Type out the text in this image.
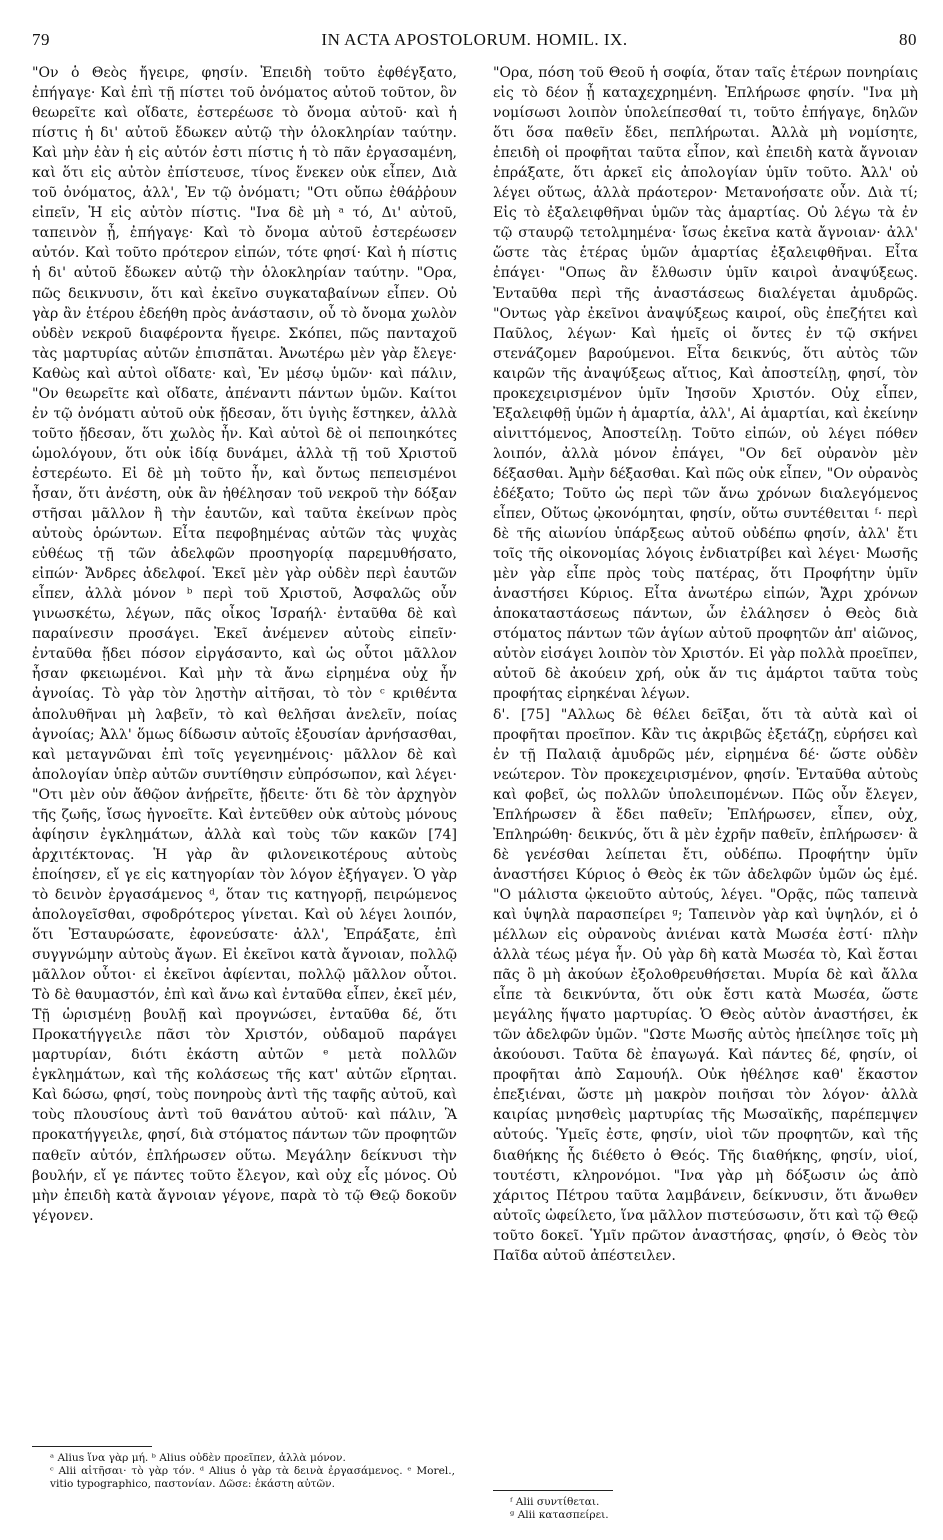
79	IN ACTA APOSTOLORUM. HOMIL. IX.	80

"Ον ὁ Θεὸς ἤγειρε, φησίν. Ἐπειδὴ τοῦτο ἐφθέγξατο, ἐπήγαγε· Καὶ ἐπὶ τῇ πίστει τοῦ ὀνόματος αὐτοῦ τοῦτον, ὃν θεωρεῖτε καὶ οἴδατε, ἐστερέωσε τὸ ὄνομα αὐτοῦ· καὶ ἡ πίστις ἡ δι' αὐτοῦ ἔδωκεν αὐτῷ τὴν ὁλοκληρίαν ταύτην. Καὶ μὴν ἐὰν ἡ εἰς αὐτόν ἐστι πίστις ἡ τὸ πᾶν ἐργασαμένη, καὶ ὅτι εἰς αὐτὸν ἐπίστευσε, τίνος ἕνεκεν οὐκ εἶπεν, Διὰ τοῦ ὀνόματος, ἀλλ', Ἐν τῷ ὀνόματι; "Οτι οὔπω ἐθάῤῥουν εἰπεῖν, Ἡ εἰς αὐτὸν πίστις. "Ινα δὲ μὴ ᵃ τό, Δι' αὐτοῦ, ταπεινὸν ᾖ, ἐπήγαγε· Καὶ τὸ ὄνομα αὐτοῦ ἐστερέωσεν αὐτόν. Καὶ τοῦτο πρότερον εἰπών, τότε φησί· Καὶ ἡ πίστις ἡ δι' αὐτοῦ ἔδωκεν αὐτῷ τὴν ὁλοκληρίαν ταύτην. "Ορα, πῶς δεικνυσιν, ὅτι καὶ ἐκεῖνο συγκαταβαίνων εἶπεν. Οὐ γὰρ ἂν ἑτέρου ἐδεήθη πρὸς ἀνάστασιν, οὗ τὸ ὄνομα χωλὸν οὐδὲν νεκροῦ διαφέροντα ἤγειρε. Σκόπει, πῶς πανταχοῦ τὰς μαρτυρίας αὐτῶν ἐπισπᾶται. Ἀνωτέρω μὲν γὰρ ἔλεγε· Καθὼς καὶ αὐτοὶ οἴδατε· καὶ, Ἐν μέσῳ ὑμῶν· καὶ πάλιν, "Ον θεωρεῖτε καὶ οἴδατε, ἀπέναντι πάντων ὑμῶν. Καίτοι ἐν τῷ ὀνόματι αὐτοῦ οὐκ ᾔδεσαν, ὅτι ὑγιὴς ἕστηκεν, ἀλλὰ τοῦτο ᾔδεσαν, ὅτι χωλὸς ἦν. Καὶ αὐτοὶ δὲ οἱ πεποιηκότες ὡμολόγουν, ὅτι οὐκ ἰδίᾳ δυνάμει, ἀλλὰ τῇ τοῦ Χριστοῦ ἐστερέωτο. Εἰ δὲ μὴ τοῦτο ἦν, καὶ ὄντως πεπεισμένοι ἦσαν, ὅτι ἀνέστη, οὐκ ἂν ἠθέλησαν τοῦ νεκροῦ τὴν δόξαν στῆσαι μᾶλλον ἢ τὴν ἑαυτῶν, καὶ ταῦτα ἐκείνων πρὸς αὐτοὺς ὁρώντων. Εἶτα πεφοβημένας αὐτῶν τὰς ψυχὰς εὐθέως τῇ τῶν ἀδελφῶν προσηγορίᾳ παρεμυθήσατο, εἰπών· Ἄνδρες ἀδελφοί. Ἐκεῖ μὲν γὰρ οὐδὲν περὶ ἑαυτῶν εἶπεν, ἀλλὰ μόνον ᵇ περὶ τοῦ Χριστοῦ, Ἀσφαλῶς οὖν γινωσκέτω, λέγων, πᾶς οἶκος Ἰσραήλ· ἐνταῦθα δὲ καὶ παραίνεσιν προσάγει. Ἐκεῖ ἀνέμενεν αὐτοὺς εἰπεῖν· ἐνταῦθα ᾔδει πόσον εἰργάσαντο, καὶ ὡς οὗτοι μᾶλλον ἦσαν φκειωμένοι. Καὶ μὴν τὰ ἄνω εἰρημένα οὐχ ἦν ἀγνοίας. Τὸ γὰρ τὸν λῃστὴν αἰτῆσαι, τὸ τὸν ᶜ κριθέντα ἀπολυθῆναι μὴ λαβεῖν, τὸ καὶ θελῆσαι ἀνελεῖν, ποίας ἀγνοίας; Ἀλλ' ὅμως δίδωσιν αὐτοῖς ἐξουσίαν ἀρνήσασθαι, καὶ μεταγνῶναι ἐπὶ τοῖς γεγενημένοις· μᾶλλον δὲ καὶ ἀπολογίαν ὑπὲρ αὐτῶν συντίθησιν εὐπρόσωπον, καὶ λέγει· "Οτι μὲν οὐν ἄθῷον ἀνῄρεῖτε, ᾔδειτε· ὅτι δὲ τὸν ἀρχηγὸν τῆς ζωῆς, ἴσως ἠγνοεῖτε. Καὶ ἐντεῦθεν οὐκ αὐτοὺς μόνους ἀφίησιν ἐγκλημάτων, ἀλλὰ καὶ τοὺς τῶν κακῶν [74] ἀρχιτέκτονας. Ἡ γὰρ ἂν φιλονεικοτέρους αὐτοὺς ἐποίησεν, εἴ γε εἰς κατηγορίαν τὸν λόγον ἐξήγαγεν. Ὁ γὰρ τὸ δεινὸν ἐργασάμενος ᵈ, ὅταν τις κατηγορῇ, πειρώμενος ἀπολογεῖσθαι, σφοδρότερος γίνεται. Καὶ οὐ λέγει λοιπόν, ὅτι Ἐσταυρώσατε, ἐφονεύσατε· ἀλλ', Ἐπράξατε, ἐπὶ συγγνώμην αὐτοὺς ἄγων. Εἰ ἐκεῖνοι κατὰ ἄγνοιαν, πολλῷ μᾶλλον οὗτοι· εἰ ἐκεῖνοι ἀφίενται, πολλῷ μᾶλλον οὗτοι. Τὸ δὲ θαυμαστόν, ἐπὶ καὶ ἄνω καὶ ἐνταῦθα εἶπεν, ἐκεῖ μέν, Τῇ ὡρισμένῃ βουλῇ καὶ προγνώσει, ἐνταῦθα δέ, ὅτι Προκατήγγειλε πᾶσι τὸν Χριστόν, οὐδαμοῦ παράγει μαρτυρίαν, διότι ἑκάστη αὐτῶν ᵉ μετὰ πολλῶν ἐγκλημάτων, καὶ τῆς κολάσεως τῆς κατ' αὐτῶν εἴρηται. Καὶ δώσω, φησί, τοὺς πονηροὺς ἀντὶ τῆς ταφῆς αὐτοῦ, καὶ τοὺς πλουσίους ἀντὶ τοῦ θανάτου αὐτοῦ· καὶ πάλιν, Ἃ προκατήγγειλε, φησί, διὰ στόματος πάντων τῶν προφητῶν παθεῖν αὐτόν, ἐπλήρωσεν οὕτω. Μεγάλην δείκνυσι τὴν βουλήν, εἴ γε πάντες τοῦτο ἔλεγον, καὶ οὐχ εἷς μόνος. Οὐ μὴν ἐπειδὴ κατὰ ἄγνοιαν γέγονε, παρὰ τὸ τῷ Θεῷ δοκοῦν γέγονεν.

"Ορα, πόση τοῦ Θεοῦ ἡ σοφία, ὅταν ταῖς ἑτέρων πονηρίαις εἰς τὸ δέον ᾖ καταχεχρημένη. Ἐπλήρωσε φησίν. "Ινα μὴ νομίσωσι λοιπὸν ὑπολείπεσθαί τι, τοῦτο ἐπήγαγε, δηλῶν ὅτι ὅσα παθεῖν ἔδει, πεπλήρωται. Ἀλλὰ μὴ νομίσητε, ἐπειδὴ οἱ προφῆται ταῦτα εἶπον, καὶ ἐπειδὴ κατὰ ἄγνοιαν ἐπράξατε, ὅτι ἀρκεῖ εἰς ἀπολογίαν ὑμῖν τοῦτο. Ἀλλ' οὐ λέγει οὕτως, ἀλλὰ πράοτερον· Μετανοήσατε οὖν. Διὰ τί; Εἰς τὸ ἐξαλειφθῆναι ὑμῶν τὰς ἁμαρτίας. Οὐ λέγω τὰ ἐν τῷ σταυρῷ τετολμημένα· ἴσως ἐκεῖνα κατὰ ἄγνοιαν· ἀλλ' ὥστε τὰς ἑτέρας ὑμῶν ἁμαρτίας ἐξαλειφθῆναι. Εἶτα ἐπάγει· "Οπως ἂν ἔλθωσιν ὑμῖν καιροὶ ἀναψύξεως. Ἐνταῦθα περὶ τῆς ἀναστάσεως διαλέγεται ἀμυδρῶς. "Οντως γὰρ ἐκεῖνοι ἀναψύξεως καιροί, οὓς ἐπεζήτει καὶ Παῦλος, λέγων· Καὶ ἡμεῖς οἱ ὄντες ἐν τῷ σκήνει στενάζομεν βαρούμενοι. Εἶτα δεικνύς, ὅτι αὐτὸς τῶν καιρῶν τῆς ἀναψύξεως αἴτιος, Καὶ ἀποστείλῃ, φησί, τὸν προκεχειρισμένον ὑμῖν Ἰησοῦν Χριστόν. Οὐχ εἶπεν, Ἐξαλειφθῇ ὑμῶν ἡ ἁμαρτία, ἀλλ', Αἱ ἁμαρτίαι, καὶ ἐκείνην αἰνιττόμενος, Ἀποστείλῃ. Τοῦτο εἰπών, οὐ λέγει πόθεν λοιπόν, ἀλλὰ μόνον ἐπάγει, "Ον δεῖ οὐρανὸν μὲν δέξασθαι. Ἀμὴν δέξασθαι. Καὶ πῶς οὐκ εἶπεν, "Ον οὐρανὸς ἐδέξατο; Τοῦτο ὡς περὶ τῶν ἄνω χρόνων διαλεγόμενος εἶπεν, Οὕτως ᾠκονόμηται, φησίν, οὕτω συντέθειται ᶠ· περὶ δὲ τῆς αἰωνίου ὑπάρξεως αὐτοῦ οὐδέπω φησίν, ἀλλ' ἔτι τοῖς τῆς οἰκονομίας λόγοις ἐνδιατρίβει καὶ λέγει· Μωσῆς μὲν γὰρ εἶπε πρὸς τοὺς πατέρας, ὅτι Προφήτην ὑμῖν ἀναστήσει Κύριος. Εἶτα ἀνωτέρω εἰπών, Ἄχρι χρόνων ἀποκαταστάσεως πάντων, ὧν ἐλάλησεν ὁ Θεὸς διὰ στόματος πάντων τῶν ἁγίων αὐτοῦ προφητῶν ἀπ' αἰῶνος, αὐτὸν εἰσάγει λοιπὸν τὸν Χριστόν. Εἰ γὰρ πολλὰ προεῖπεν, αὐτοῦ δὲ ἀκούειν χρή, οὐκ ἄν τις ἁμάρτοι ταῦτα τοὺς προφήτας εἰρηκέναι λέγων.

δ'. [75] "Αλλως δὲ θέλει δεῖξαι, ὅτι τὰ αὐτὰ καὶ οἱ προφῆται προεῖπον. Κἂν τις ἀκριβῶς ἐξετάζῃ, εὑρήσει καὶ ἐν τῇ Παλαιᾷ ἀμυδρῶς μέν, εἰρημένα δέ· ὥστε οὐδὲν νεώτερον. Τὸν προκεχειρισμένον, φησίν. Ἐνταῦθα αὐτοὺς καὶ φοβεῖ, ὡς πολλῶν ὑπολειπομένων. Πῶς οὖν ἔλεγεν, Ἐπλήρωσεν ἃ ἔδει παθεῖν; Ἐπλήρωσεν, εἶπεν, οὐχ, Ἐπληρώθη· δεικνύς, ὅτι ἃ μὲν ἐχρῆν παθεῖν, ἐπλήρωσεν· ἃ δὲ γενέσθαι λείπεται ἔτι, οὐδέπω. Προφήτην ὑμῖν ἀναστήσει Κύριος ὁ Θεὸς ἐκ τῶν ἀδελφῶν ὑμῶν ὡς ἐμέ. "Ο μάλιστα ᾠκειοῦτο αὐτούς, λέγει. "Ορᾷς, πῶς ταπεινὰ καὶ ὑψηλὰ παρασπείρει ᵍ; Ταπεινὸν γὰρ καὶ ὑψηλόν, εἰ ὁ μέλλων εἰς οὐρανοὺς ἀνιέναι κατὰ Μωσέα ἐστί· πλὴν ἀλλὰ τέως μέγα ἦν. Οὐ γὰρ δὴ κατὰ Μωσέα τὸ, Καὶ ἔσται πᾶς ὃ μὴ ἀκούων ἐξολοθρευθήσεται. Μυρία δὲ καὶ ἄλλα εἶπε τὰ δεικνύντα, ὅτι οὐκ ἔστι κατὰ Μωσέα, ὥστε μεγάλης ἥψατο μαρτυρίας. Ὁ Θεὸς αὐτὸν ἀναστήσει, ἐκ τῶν ἀδελφῶν ὑμῶν. "Ωστε Μωσῆς αὐτὸς ἠπείλησε τοῖς μὴ ἀκούουσι. Ταῦτα δὲ ἐπαγωγά. Καὶ πάντες δέ, φησίν, οἱ προφῆται ἀπὸ Σαμουήλ. Οὐκ ἠθέλησε καθ' ἕκαστον ἐπεξιέναι, ὥστε μὴ μακρὸν ποιῆσαι τὸν λόγον· ἀλλὰ καιρίας μνησθεὶς μαρτυρίας τῆς Μωσαϊκῆς, παρέπεμψεν αὐτούς. Ὑμεῖς ἐστε, φησίν, υἱοὶ τῶν προφητῶν, καὶ τῆς διαθήκης ἧς διέθετο ὁ Θεός. Τῆς διαθήκης, φησίν, υἱοί, τουτέστι, κληρονόμοι. "Ινα γὰρ μὴ δόξωσιν ὡς ἀπὸ χάριτος Πέτρου ταῦτα λαμβάνειν, δείκνυσιν, ὅτι ἄνωθεν αὐτοῖς ὠφείλετο, ἵνα μᾶλλον πιστεύσωσιν, ὅτι καὶ τῷ Θεῷ τοῦτο δοκεῖ. Ὑμῖν πρῶτον ἀναστήσας, φησίν, ὁ Θεὸς τὸν Παῖδα αὐτοῦ ἀπέστειλεν.

ᵃ Alius ἵνα γὰρ μή. ᵇ Alius οὐδὲν προεῖπεν, ἀλλὰ μόνον.

ᶜ Alii αἰτῆσαι· τὸ γὰρ τόν. ᵈ Alius ὁ γὰρ τὰ δεινὰ ἐργασάμενος. ᵉ Morel., vitio typographico, παστονίαν. Δῶσε: ἑκάστη αὐτῶν.

ᶠ Alii συντίθεται.

ᵍ Alii κατασπείρει.
